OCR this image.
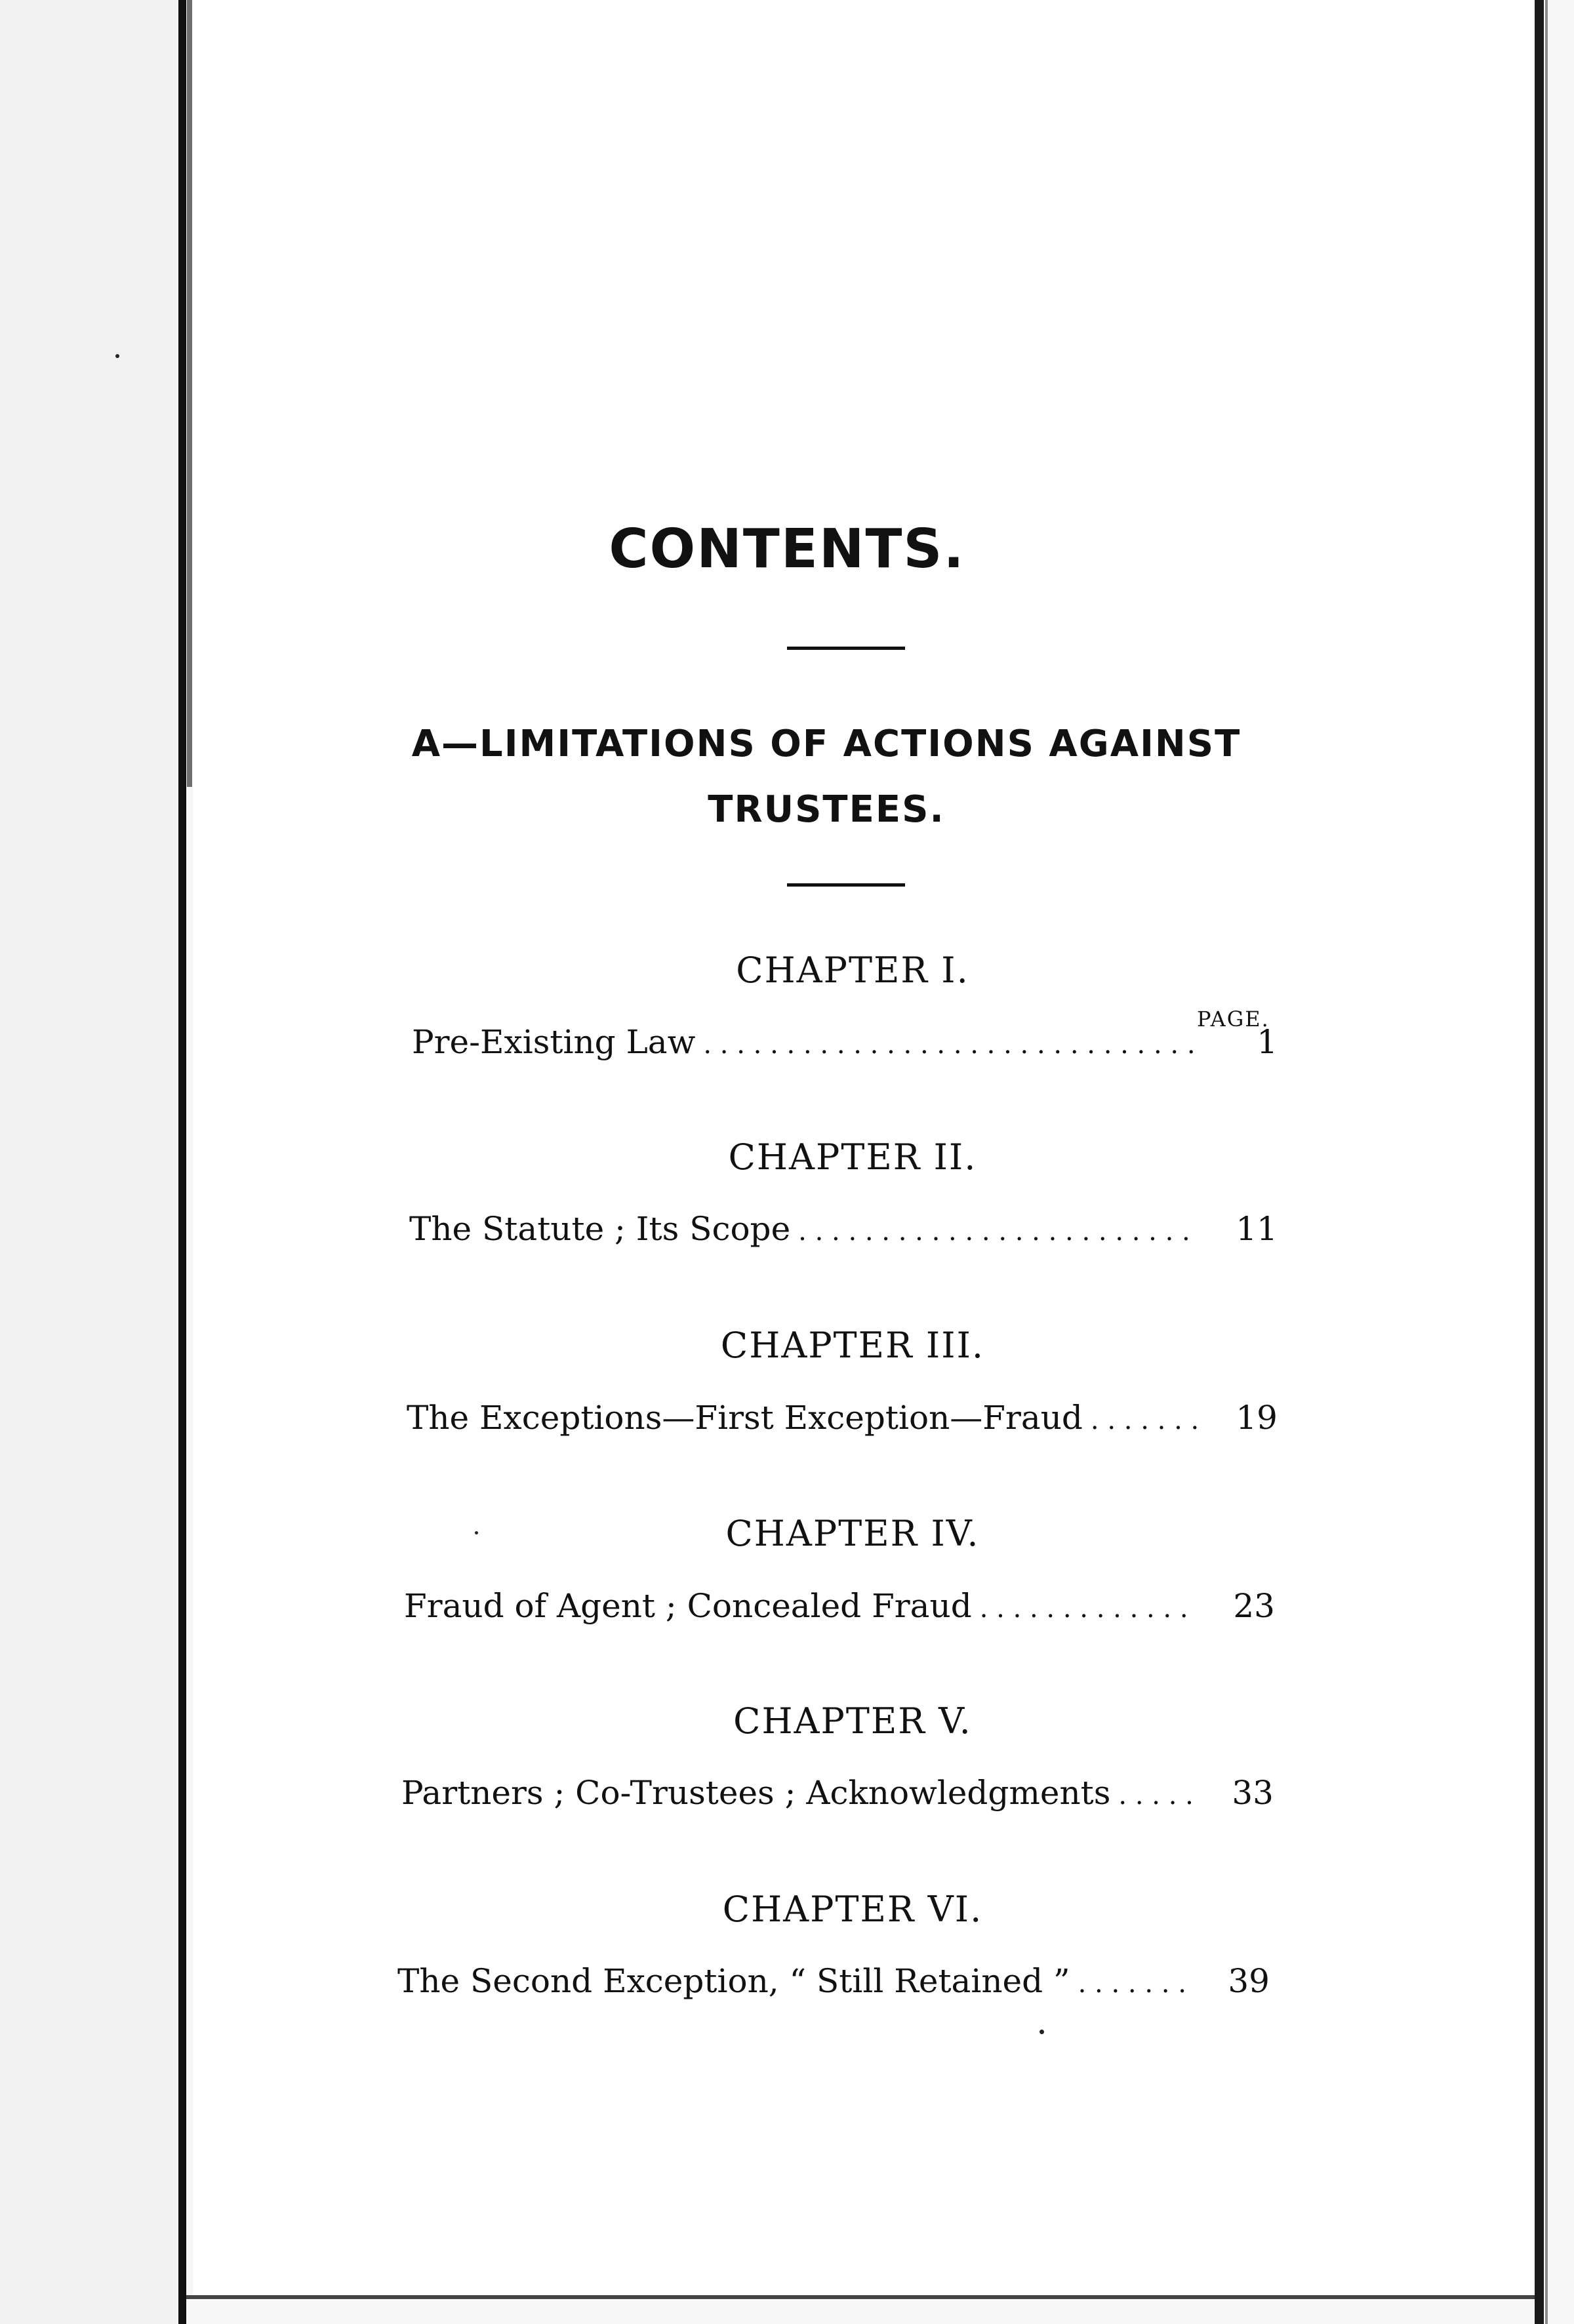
CONTENTS.
A—LIMITATIONS OF ACTIONS AGAINST
TRUSTEES.
CHAPTER I.
PAGE.
Pre-Existing Law . . .	1
CHAPTER II.
The Statute ; Its Scope . . .	11
CHAPTER III.
The Exceptions—First Exception—Fraud . . .	19
CHAPTER IV.
Fraud of Agent ; Concealed Fraud . . .	23
CHAPTER V.
Partners ; Co-Trustees ; Acknowledgments . . .	33
CHAPTER VI.
The Second Exception, “ Still Retained ” . . .	39
